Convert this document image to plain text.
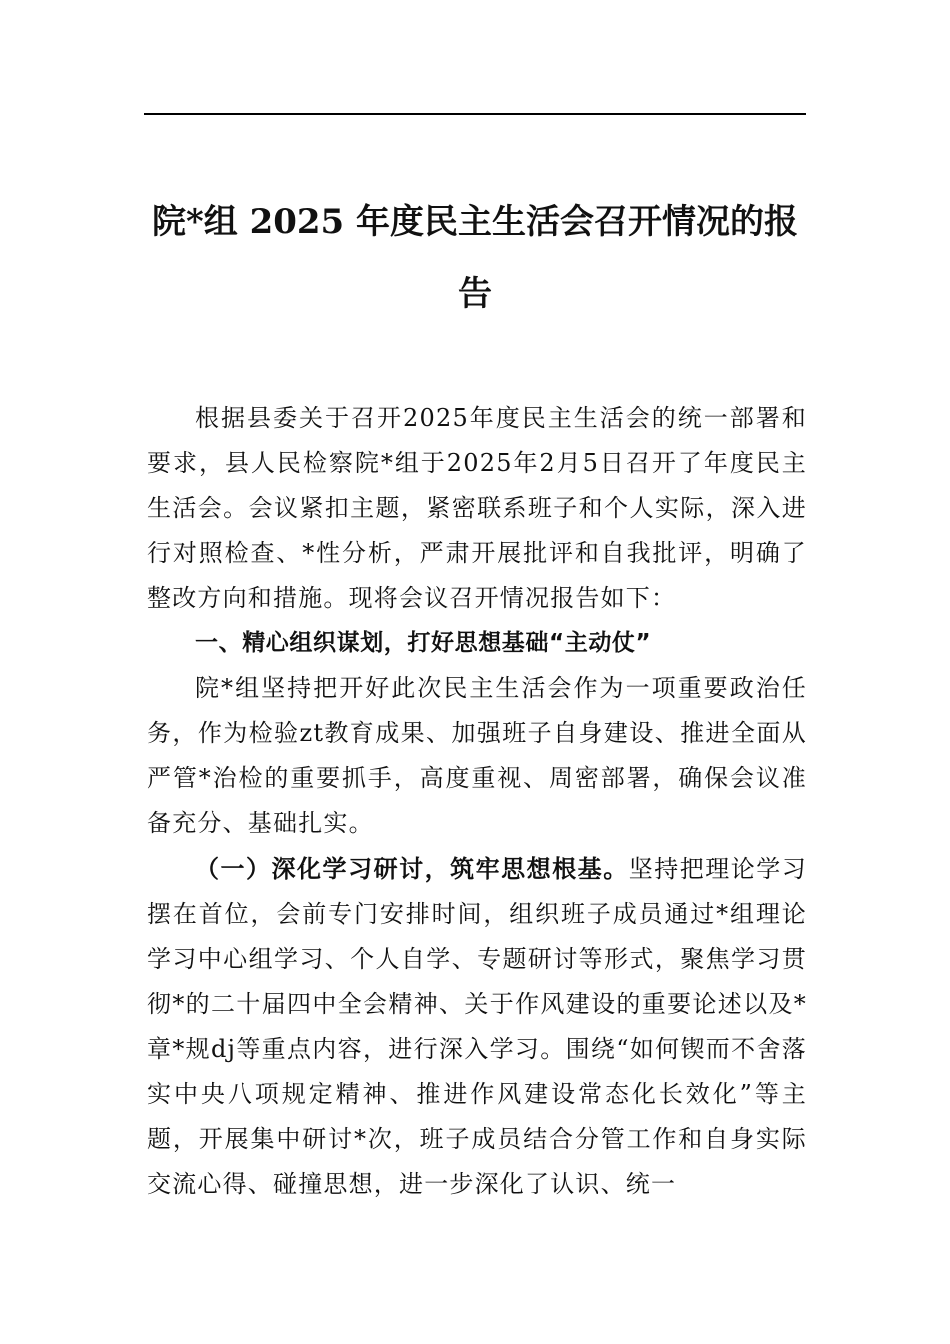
院*组 2025 年度民主生活会召开情况的报
告

根据县委关于召开2025年度民主生活会的统一部署和要求，县人民检察院*组于2025年2月5日召开了年度民主生活会。会议紧扣主题，紧密联系班子和个人实际，深入进行对照检查、*性分析，严肃开展批评和自我批评，明确了整改方向和措施。现将会议召开情况报告如下：

一、精心组织谋划，打好思想基础“主动仗”

院*组坚持把开好此次民主生活会作为一项重要政治任务，作为检验zt教育成果、加强班子自身建设、推进全面从严管*治检的重要抓手，高度重视、周密部署，确保会议准备充分、基础扎实。

（一）深化学习研讨，筑牢思想根基。坚持把理论学习摆在首位，会前专门安排时间，组织班子成员通过*组理论学习中心组学习、个人自学、专题研讨等形式，聚焦学习贯彻*的二十届四中全会精神、关于作风建设的重要论述以及*章*规dj等重点内容，进行深入学习。围绕“如何锲而不舍落实中央八项规定精神、推进作风建设常态化长效化”等主题，开展集中研讨*次，班子成员结合分管工作和自身实际交流心得、碰撞思想，进一步深化了认识、统一
